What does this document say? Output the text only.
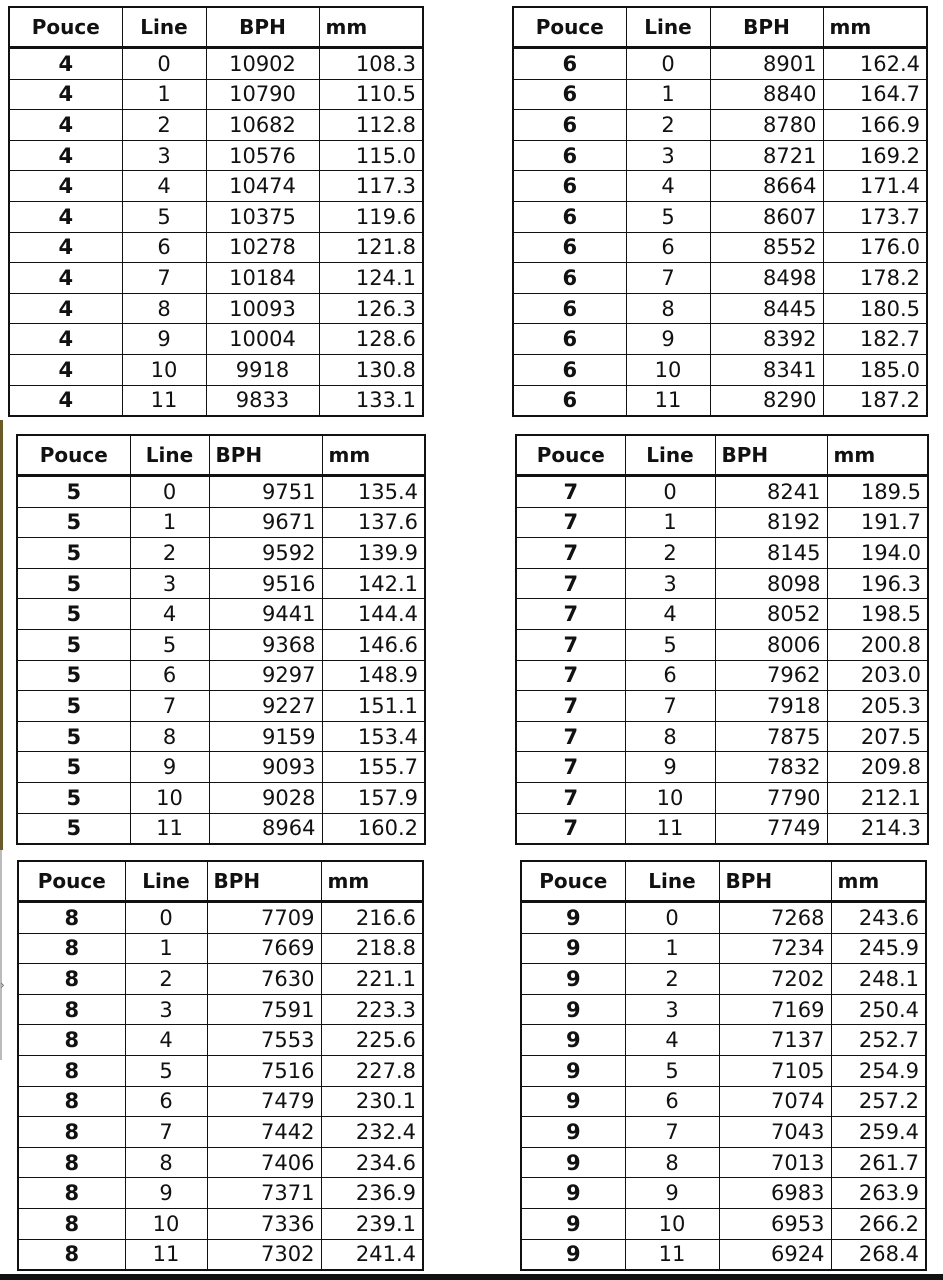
›
Pouce	Line	BPH	mm
4	0	10902	108.3
4	1	10790	110.5
4	2	10682	112.8
4	3	10576	115.0
4	4	10474	117.3
4	5	10375	119.6
4	6	10278	121.8
4	7	10184	124.1
4	8	10093	126.3
4	9	10004	128.6
4	10	9918	130.8
4	11	9833	133.1
Pouce	Line	BPH	mm
6	0	8901	162.4
6	1	8840	164.7
6	2	8780	166.9
6	3	8721	169.2
6	4	8664	171.4
6	5	8607	173.7
6	6	8552	176.0
6	7	8498	178.2
6	8	8445	180.5
6	9	8392	182.7
6	10	8341	185.0
6	11	8290	187.2
Pouce	Line	BPH	mm
5	0	9751	135.4
5	1	9671	137.6
5	2	9592	139.9
5	3	9516	142.1
5	4	9441	144.4
5	5	9368	146.6
5	6	9297	148.9
5	7	9227	151.1
5	8	9159	153.4
5	9	9093	155.7
5	10	9028	157.9
5	11	8964	160.2
Pouce	Line	BPH	mm
7	0	8241	189.5
7	1	8192	191.7
7	2	8145	194.0
7	3	8098	196.3
7	4	8052	198.5
7	5	8006	200.8
7	6	7962	203.0
7	7	7918	205.3
7	8	7875	207.5
7	9	7832	209.8
7	10	7790	212.1
7	11	7749	214.3
Pouce	Line	BPH	mm
8	0	7709	216.6
8	1	7669	218.8
8	2	7630	221.1
8	3	7591	223.3
8	4	7553	225.6
8	5	7516	227.8
8	6	7479	230.1
8	7	7442	232.4
8	8	7406	234.6
8	9	7371	236.9
8	10	7336	239.1
8	11	7302	241.4
Pouce	Line	BPH	mm
9	0	7268	243.6
9	1	7234	245.9
9	2	7202	248.1
9	3	7169	250.4
9	4	7137	252.7
9	5	7105	254.9
9	6	7074	257.2
9	7	7043	259.4
9	8	7013	261.7
9	9	6983	263.9
9	10	6953	266.2
9	11	6924	268.4
